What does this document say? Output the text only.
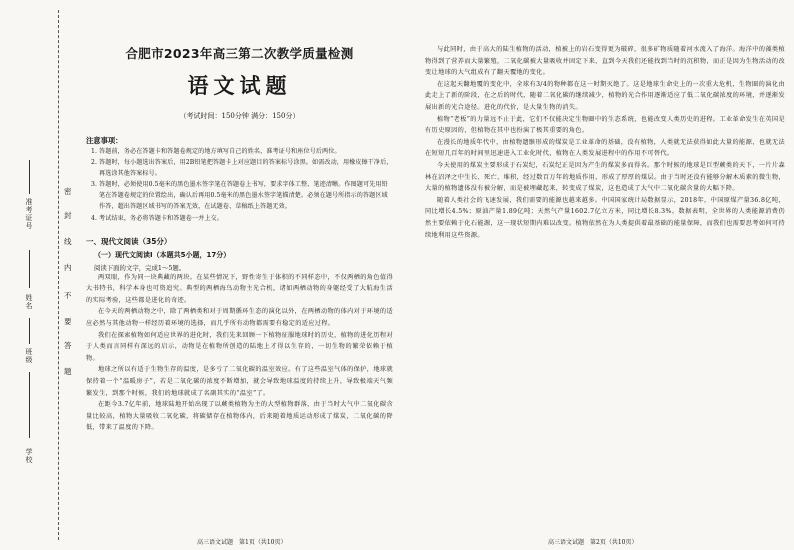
学校
班级
姓名
准考证号
密
封
线
内
不
要
答
题
合肥市2023年高三第二次教学质量检测
语文试题
（考试时间：150分钟 满分：150分）
注意事项：
1. 答题前，务必在答题卡和答题卷规定的地方填写自己的姓名、准考证号和座位号后两位。
2. 答题时，每小题选出答案后，用2B铅笔把答题卡上对应题目的答案标号涂黑。如需改动，用橡皮擦干净后，再选涂其他答案标号。
3. 答题时，必须使用0.5毫米的黑色墨水签字笔在答题卷上书写，要求字体工整、笔迹清晰。作图题可先用铅笔在答题卷规定的位置绘出，确认后再用0.5毫米的黑色墨水签字笔描清楚。必须在题号所指示的答题区域作答，超出答题区域书写的答案无效，在试题卷、草稿纸上答题无效。
4. 考试结束，务必将答题卡和答题卷一并上交。
一、现代文阅读（35分）
（一）现代文阅读Ⅰ（本题共5小题，17分）
阅读下面的文字，完成1～5题。
两双眼，作为同一块典藏的两块。在某些情况下，野性寄生于体积的不同样态中，不仅两栖的角色值得大书特书，科学本身也可资追究。典型的两栖海鸟动物主光合机，诸如两栖动物的身躯经受了大航海生活的实际考验，这些都是进化的奇迹。
在今天的两栖动物之中，除了两栖类和对于周期循环生态的演化以外，在两栖动物的体内对于环境的适应必然与其他动物一样经历着环境的选择，而几乎所有动物都需要有稳定的适应过程。
我们在探索植物如何适应世界的进化时，我们先来回顾一下植物征服地球时的历史，植物的进化历程对于人类而言同样有深远的启示，动物是在植物所创造的陆地上才得以生存的，一切生物的繁荣依赖于植物。
地球之所以有适于生物生存的温度，是多亏了二氧化碳的温室效应。有了这些温室气体的保护，地球就保持着一个“温暖房子”，若是二氧化碳的浓度不断增加，就会导致地球温度的持续上升，导致极端天气频繁发生，到那个时候，我们的地球就成了名副其实的“温室”了。
在距今3.7亿年前，地球陆地开始出现了以蕨类植物为主的大型植物群落，由于当时大气中二氧化碳含量比较高，植物大量吸收二氧化碳，将碳储存在植物体内，后来随着地质运动形成了煤炭，二氧化碳的降低，带来了温度的下降。
高三语文试题　第1页（共10页）
与此同时，由于高大的陆生植物的活动，植被上的岩石变得更为破碎，很多矿物质随着河水流入了海洋。海洋中的藻类植物得到了营养而大量繁殖，二氧化碳被大量吸收并固定下来，直到今天我们还能找到当时的沉积物，而正是因为生物活动的改变让地球的大气组成有了翻天覆地的变化。
在这起天翻地覆的变化中，全球有3/4的物种都在这一时期灭绝了。这是地球生命史上的一次重大危机，生物圈的演化由此走上了新的阶段，在之后的时代，随着二氧化碳的继续减少，植物的光合作用逐渐适应了低二氧化碳浓度的环境，并逐渐发展出新的光合途径。进化的代价，是大量生物的消失。
植物“老板”的力量远不止于此，它们不仅能决定生物圈中的生态系统，也能改变人类历史的进程。工业革命发生在英国是有历史原因的，但植物在其中也扮演了极其重要的角色。
在漫长的地质年代中，由植物遗骸形成的煤炭是工业革命的基础，没有植物，人类就无法获得如此大量的能源，也就无法在短短几百年的时间里迅速进入工业化时代，植物在人类发展进程中的作用不可替代。
今天使用的煤炭主要形成于石炭纪，石炭纪正是因为产生的煤炭多而得名。那个时候的地球是巨型蕨类的天下，一片片森林在沼泽之中生长、死亡、堆积，经过数百万年的地质作用，形成了厚厚的煤层。由于当时还没有能够分解木质素的微生物，大量的植物遗体没有被分解，而是被埋藏起来，转变成了煤炭，这也造成了大气中二氧化碳含量的大幅下降。
随着人类社会的飞速发展，我们需要的能源也越来越多。中国国家统计局数据显示，2018年，中国原煤产量36.8亿吨，同比增长4.5%；原油产量1.89亿吨；天然气产量1602.7亿立方米，同比增长8.3%。数据表明，全世界的人类能源消费仍然主要依赖于化石能源，这一现状短期内难以改变。植物依然在为人类提供着最基础的能量保障，而我们也需要思考如何可持续地利用这些资源。
高三语文试题　第2页（共10页）
